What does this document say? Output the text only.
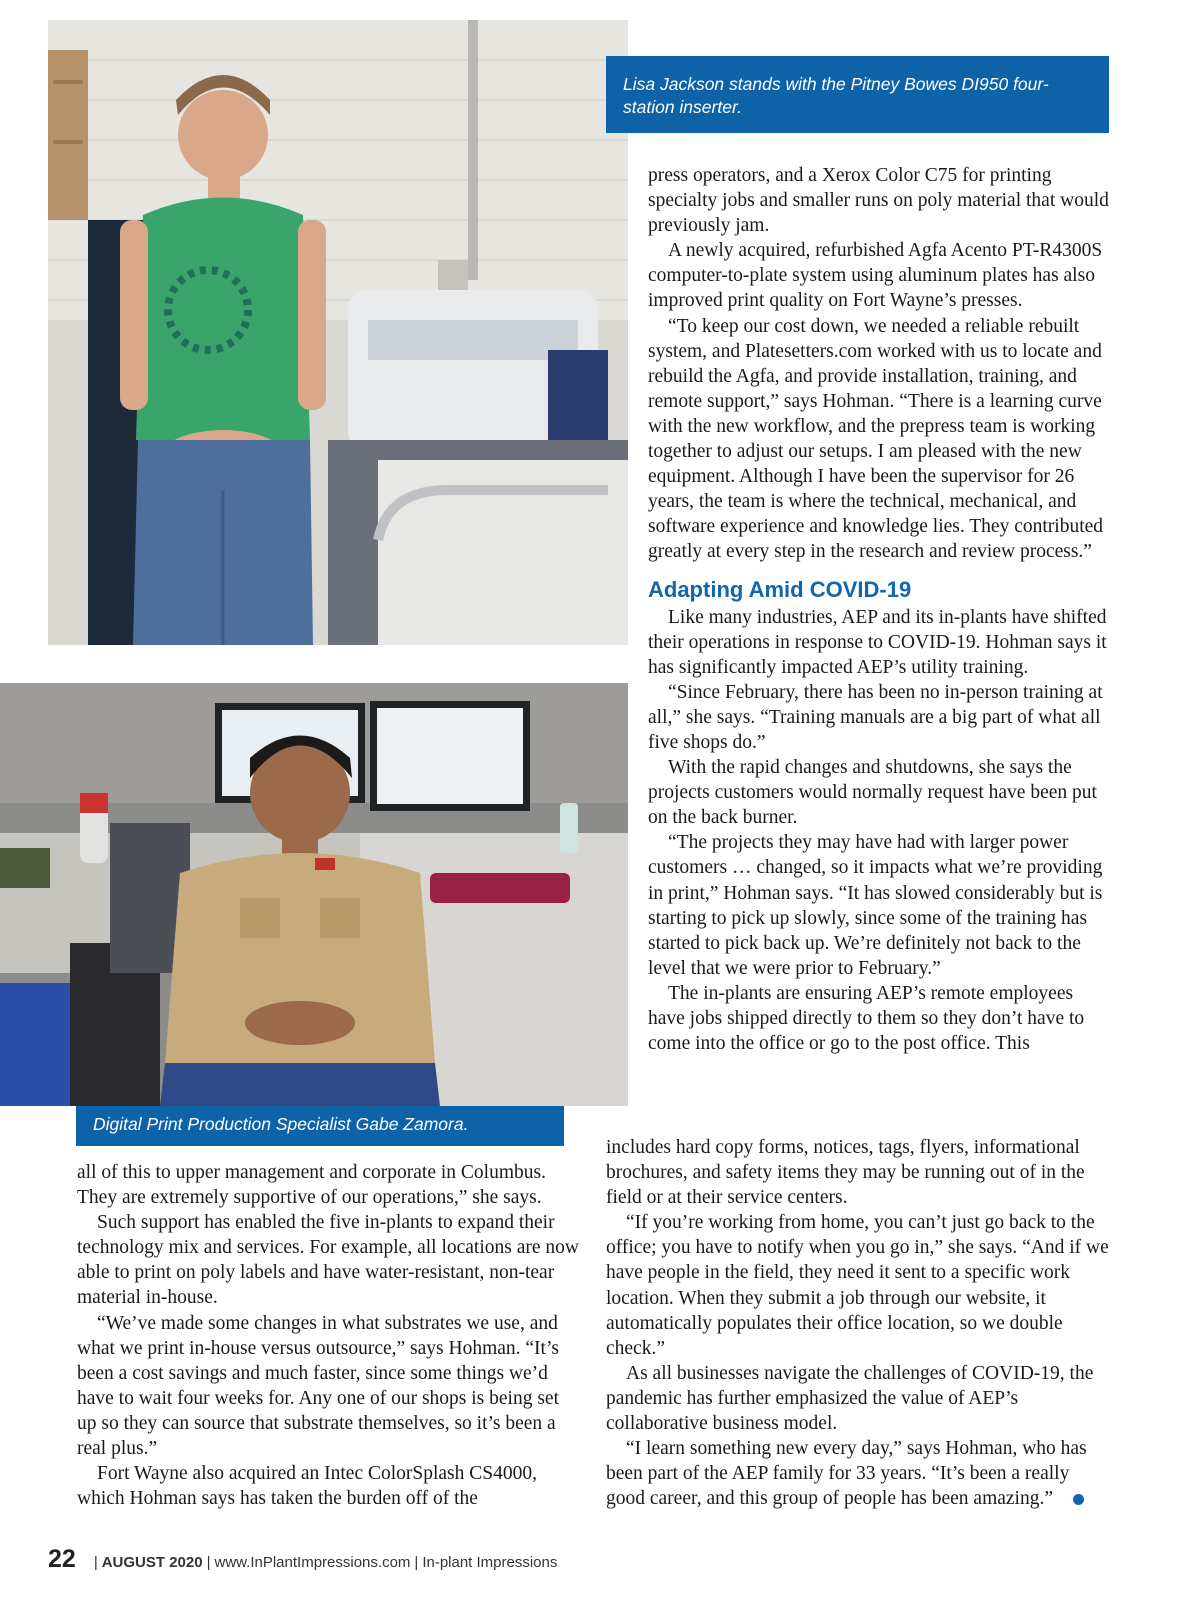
Lisa Jackson stands with the Pitney Bowes DI950 four-station inserter.

press operators, and a Xerox Color C75 for printing specialty jobs and smaller runs on poly material that would previously jam.

A newly acquired, refurbished Agfa Acento PT-R4300S computer-to-plate system using aluminum plates has also improved print quality on Fort Wayne’s presses.

“To keep our cost down, we needed a reliable rebuilt system, and Platesetters.com worked with us to locate and rebuild the Agfa, and provide installation, training, and remote support,” says Hohman. “There is a learning curve with the new workflow, and the prepress team is working together to adjust our setups. I am pleased with the new equipment. Although I have been the supervisor for 26 years, the team is where the technical, mechanical, and software experience and knowledge lies. They contributed greatly at every step in the research and review process.”

Adapting Amid COVID-19

Like many industries, AEP and its in-plants have shifted their operations in response to COVID-19. Hohman says it has significantly impacted AEP’s utility training.

“Since February, there has been no in-person training at all,” she says. “Training manuals are a big part of what all five shops do.”

With the rapid changes and shutdowns, she says the projects customers would normally request have been put on the back burner.

“The projects they may have had with larger power customers … changed, so it impacts what we’re providing in print,” Hohman says. “It has slowed considerably but is starting to pick up slowly, since some of the training has started to pick back up. We’re definitely not back to the level that we were prior to February.”

The in-plants are ensuring AEP’s remote employees have jobs shipped directly to them so they don’t have to come into the office or go to the post office. This

Digital Print Production Specialist Gabe Zamora.

includes hard copy forms, notices, tags, flyers, informational brochures, and safety items they may be running out of in the field or at their service centers.

“If you’re working from home, you can’t just go back to the office; you have to notify when you go in,” she says. “And if we have people in the field, they need it sent to a specific work location. When they submit a job through our website, it automatically populates their office location, so we double check.”

As all businesses navigate the challenges of COVID-19, the pandemic has further emphasized the value of AEP’s collaborative business model.

“I learn something new every day,” says Hohman, who has been part of the AEP family for 33 years. “It’s been a really good career, and this group of people has been amazing.”

all of this to upper management and corporate in Columbus. They are extremely supportive of our operations,” she says.

Such support has enabled the five in-plants to expand their technology mix and services. For example, all locations are now able to print on poly labels and have water-resistant, non-tear material in-house.

“We’ve made some changes in what substrates we use, and what we print in-house versus outsource,” says Hohman. “It’s been a cost savings and much faster, since some things we’d have to wait four weeks for. Any one of our shops is being set up so they can source that substrate themselves, so it’s been a real plus.”

Fort Wayne also acquired an Intec ColorSplash CS4000, which Hohman says has taken the burden off of the

22 | AUGUST 2020 | www.InPlantImpressions.com | In-plant Impressions
